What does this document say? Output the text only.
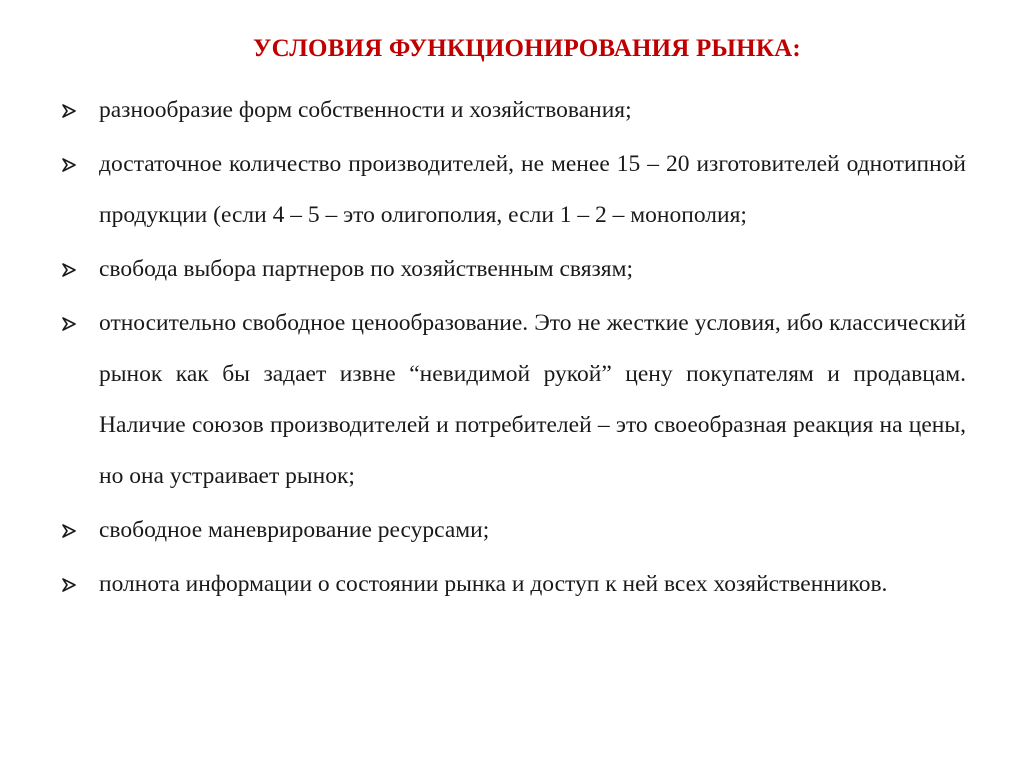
УСЛОВИЯ ФУНКЦИОНИРОВАНИЯ РЫНКА:
разнообразие форм собственности и хозяйствования;
достаточное количество производителей, не менее 15 – 20 изготовителей однотипной продукции (если 4 – 5 – это олигополия, если 1 – 2 – монополия;
свобода выбора партнеров по хозяйственным связям;
относительно свободное ценообразование. Это не жесткие условия, ибо классический рынок как бы задает извне “невидимой рукой” цену покупателям и продавцам. Наличие союзов производителей и потребителей – это своеобразная реакция на цены, но она устраивает рынок;
свободное маневрирование ресурсами;
полнота информации о состоянии рынка и доступ к ней всех хозяйственников.
